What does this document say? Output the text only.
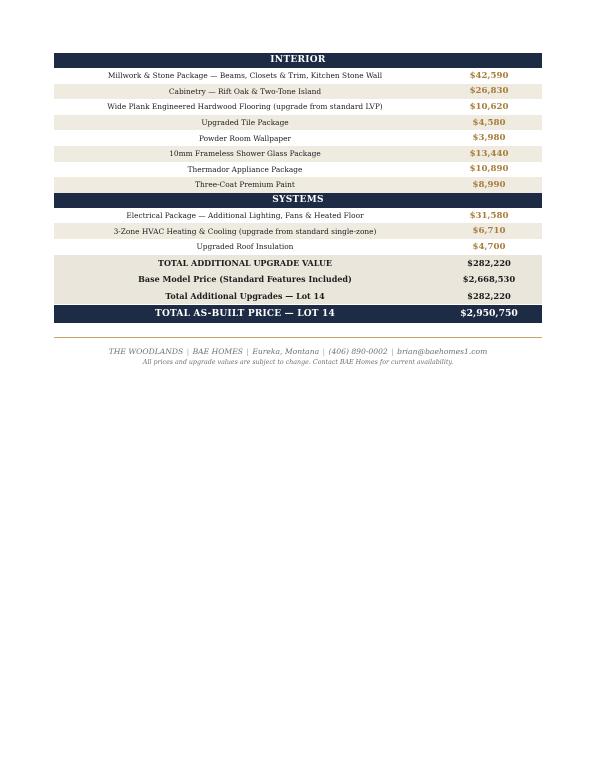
INTERIOR
Millwork & Stone Package — Beams, Closets & Trim, Kitchen Stone Wall	$42,590
Cabinetry — Rift Oak & Two-Tone Island	$26,830
Wide Plank Engineered Hardwood Flooring (upgrade from standard LVP)	$10,620
Upgraded Tile Package	$4,580
Powder Room Wallpaper	$3,980
10mm Frameless Shower Glass Package	$13,440
Thermador Appliance Package	$10,890
Three-Coat Premium Paint	$8,990
SYSTEMS
Electrical Package — Additional Lighting, Fans & Heated Floor	$31,580
3-Zone HVAC Heating & Cooling (upgrade from standard single-zone)	$6,710
Upgraded Roof Insulation	$4,700
TOTAL ADDITIONAL UPGRADE VALUE	$282,220
Base Model Price (Standard Features Included)	$2,668,530
Total Additional Upgrades — Lot 14	$282,220
TOTAL AS-BUILT PRICE — LOT 14	$2,950,750
THE WOODLANDS | BAE HOMES | Eureka, Montana | (406) 890-0002 | brian@baehomes1.com
All prices and upgrade values are subject to change. Contact BAE Homes for current availability.
